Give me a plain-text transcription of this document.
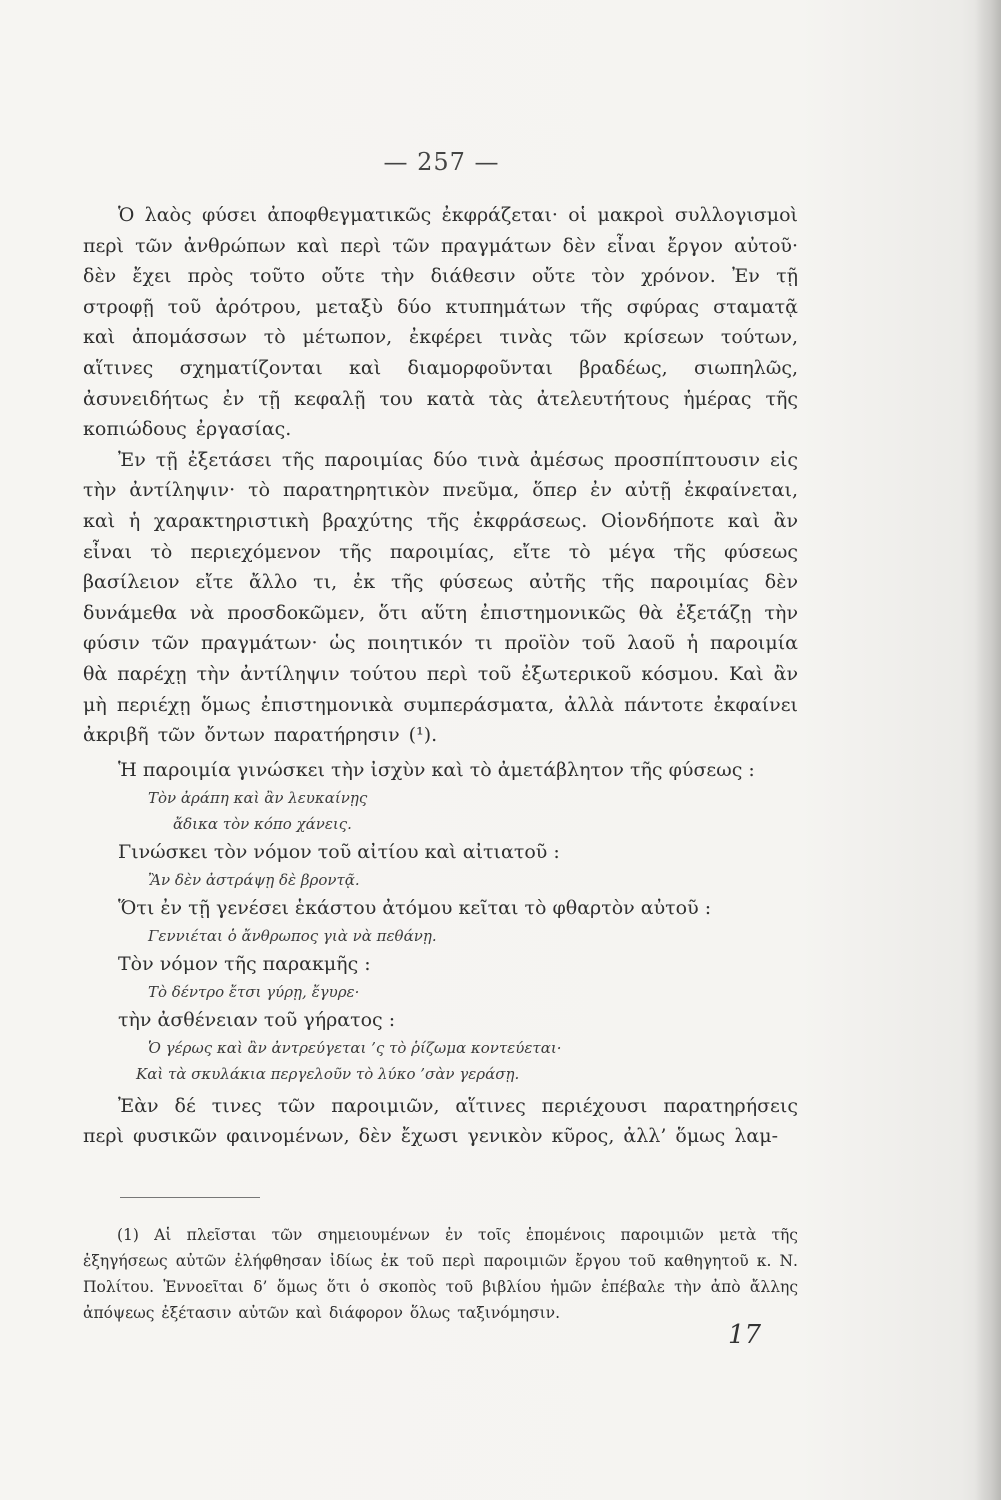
— 257 —

Ὁ λαὸς φύσει ἀποφθεγματικῶς ἐκφράζεται· οἱ μακροὶ συλλογισμοὶ περὶ τῶν ἀνθρώπων καὶ περὶ τῶν πραγμάτων δὲν εἶναι ἔργον αὐτοῦ· δὲν ἔχει πρὸς τοῦτο οὔτε τὴν διάθεσιν οὔτε τὸν χρόνον. Ἐν τῇ στροφῇ τοῦ ἀρότρου, μεταξὺ δύο κτυπημάτων τῆς σφύρας σταματᾷ καὶ ἀπομάσσων τὸ μέτωπον, ἐκφέρει τινὰς τῶν κρίσεων τούτων, αἵτινες σχηματίζονται καὶ διαμορφοῦνται βραδέως, σιωπηλῶς, ἀσυνειδήτως ἐν τῇ κεφαλῇ του κατὰ τὰς ἀτελευτήτους ἡμέρας τῆς κοπιώδους ἐργασίας.

Ἐν τῇ ἐξετάσει τῆς παροιμίας δύο τινὰ ἀμέσως προσπίπτουσιν εἰς τὴν ἀντίληψιν· τὸ παρατηρητικὸν πνεῦμα, ὅπερ ἐν αὐτῇ ἐκφαίνεται, καὶ ἡ χαρακτηριστικὴ βραχύτης τῆς ἐκφράσεως. Οἱονδήποτε καὶ ἂν εἶναι τὸ περιεχόμενον τῆς παροιμίας, εἴτε τὸ μέγα τῆς φύσεως βασίλειον εἴτε ἄλλο τι, ἐκ τῆς φύσεως αὐτῆς τῆς παροιμίας δὲν δυνάμεθα νὰ προσδοκῶμεν, ὅτι αὕτη ἐπιστημονικῶς θὰ ἐξετάζῃ τὴν φύσιν τῶν πραγμάτων· ὡς ποιητικόν τι προϊὸν τοῦ λαοῦ ἡ παροιμία θὰ παρέχῃ τὴν ἀντίληψιν τούτου περὶ τοῦ ἐξωτερικοῦ κόσμου. Καὶ ἂν μὴ περιέχῃ ὅμως ἐπιστημονικὰ συμπεράσματα, ἀλλὰ πάντοτε ἐκφαίνει ἀκριβῆ τῶν ὄντων παρατήρησιν (¹).

Ἡ παροιμία γινώσκει τὴν ἰσχὺν καὶ τὸ ἀμετάβλητον τῆς φύσεως :

Τὸν ἀράπη καὶ ἂν λευκαίνῃς

ἄδικα τὸν κόπο χάνεις.

Γινώσκει τὸν νόμον τοῦ αἰτίου καὶ αἰτιατοῦ :

Ἂν δὲν ἀστράψῃ δὲ βροντᾷ.

Ὅτι ἐν τῇ γενέσει ἑκάστου ἀτόμου κεῖται τὸ φθαρτὸν αὐτοῦ :

Γεννιέται ὁ ἄνθρωπος γιὰ νὰ πεθάνῃ.

Τὸν νόμον τῆς παρακμῆς :

Τὸ δέντρο ἔτσι γύρῃ, ἔγυρε·

τὴν ἀσθένειαν τοῦ γήρατος :

Ὁ γέρως καὶ ἂν ἀντρεύγεται ’ς τὸ ῥίζωμα κοντεύεται·

Καὶ τὰ σκυλάκια περγελοῦν τὸ λύκο ’σὰν γεράσῃ.

Ἐὰν δέ τινες τῶν παροιμιῶν, αἵτινες περιέχουσι παρατηρήσεις περὶ φυσικῶν φαινομένων, δὲν ἔχωσι γενικὸν κῦρος, ἀλλ’ ὅμως λαμ-

(1) Αἱ πλεῖσται τῶν σημειουμένων ἐν τοῖς ἑπομένοις παροιμιῶν μετὰ τῆς ἐξηγήσεως αὐτῶν ἐλήφθησαν ἰδίως ἐκ τοῦ περὶ παροιμιῶν ἔργου τοῦ καθηγητοῦ κ. Ν. Πολίτου. Ἐννοεῖται δ’ ὅμως ὅτι ὁ σκοπὸς τοῦ βιβλίου ἡμῶν ἐπέβαλε τὴν ἀπὸ ἄλλης ἀπόψεως ἐξέτασιν αὐτῶν καὶ διάφορον ὅλως ταξινόμησιν.

17
